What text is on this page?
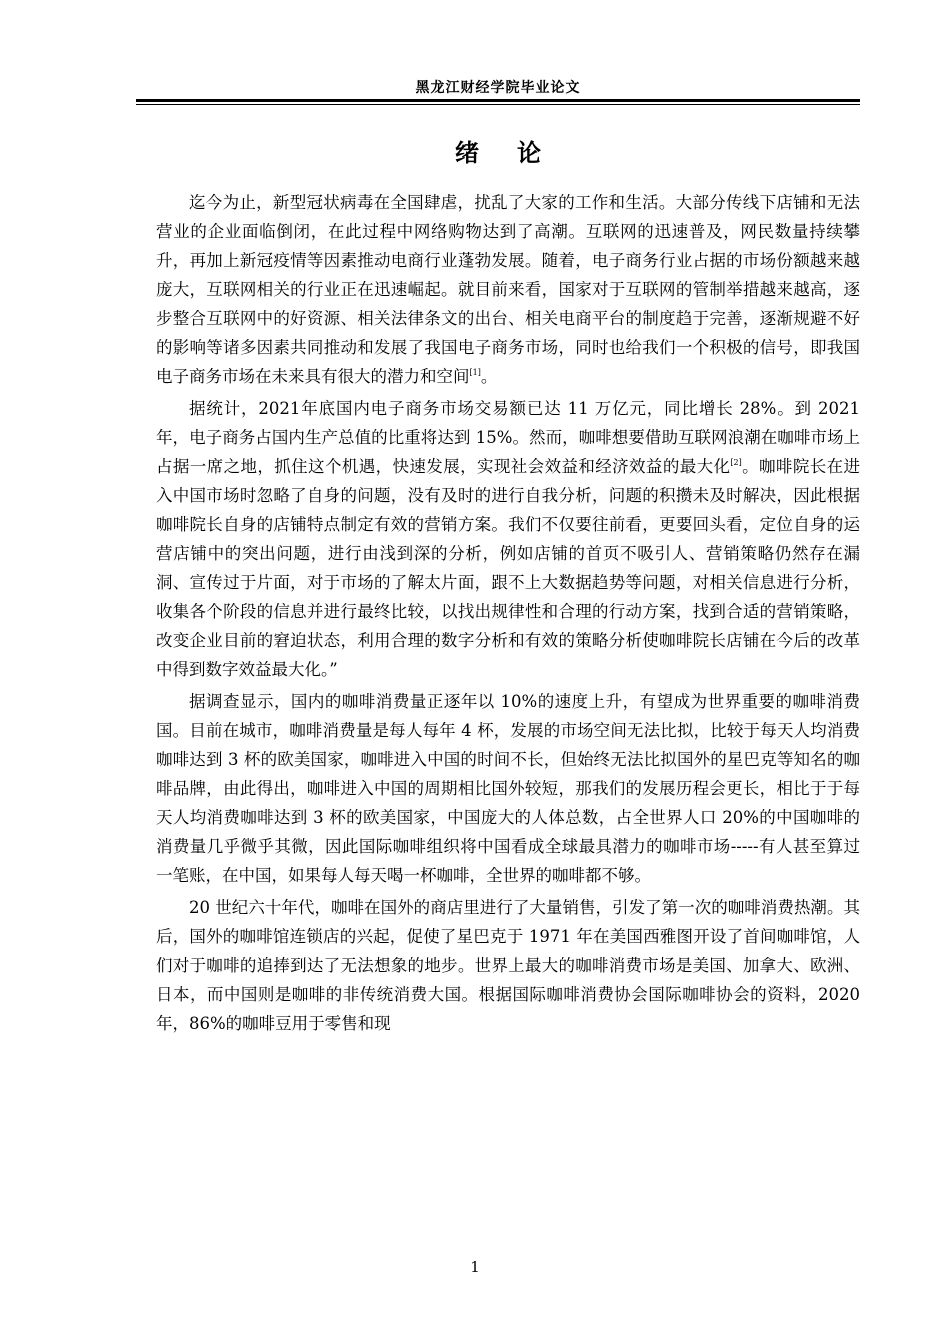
黑龙江财经学院毕业论文
绪论

迄今为止，新型冠状病毒在全国肆虐，扰乱了大家的工作和生活。大部分传线下店铺和无法营业的企业面临倒闭，在此过程中网络购物达到了高潮。互联网的迅速普及，网民数量持续攀升，再加上新冠疫情等因素推动电商行业蓬勃发展。随着，电子商务行业占据的市场份额越来越庞大，互联网相关的行业正在迅速崛起。就目前来看，国家对于互联网的管制举措越来越高，逐步整合互联网中的好资源、相关法律条文的出台、相关电商平台的制度趋于完善，逐渐规避不好的影响等诸多因素共同推动和发展了我国电子商务市场，同时也给我们一个积极的信号，即我国电子商务市场在未来具有很大的潜力和空间[1]。

据统计，2021年底国内电子商务市场交易额已达 11 万亿元，同比增长 28%。到 2021 年，电子商务占国内生产总值的比重将达到 15%。然而，咖啡想要借助互联网浪潮在咖啡市场上占据一席之地，抓住这个机遇，快速发展，实现社会效益和经济效益的最大化[2]。咖啡院长在进入中国市场时忽略了自身的问题，没有及时的进行自我分析，问题的积攒未及时解决，因此根据咖啡院长自身的店铺特点制定有效的营销方案。我们不仅要往前看，更要回头看，定位自身的运营店铺中的突出问题，进行由浅到深的分析，例如店铺的首页不吸引人、营销策略仍然存在漏洞、宣传过于片面，对于市场的了解太片面，跟不上大数据趋势等问题，对相关信息进行分析，收集各个阶段的信息并进行最终比较，以找出规律性和合理的行动方案，找到合适的营销策略，改变企业目前的窘迫状态，利用合理的数字分析和有效的策略分析使咖啡院长店铺在今后的改革中得到数字效益最大化。”

据调查显示，国内的咖啡消费量正逐年以 10%的速度上升，有望成为世界重要的咖啡消费国。目前在城市，咖啡消费量是每人每年 4 杯，发展的市场空间无法比拟，比较于每天人均消费咖啡达到 3 杯的欧美国家，咖啡进入中国的时间不长，但始终无法比拟国外的星巴克等知名的咖啡品牌，由此得出，咖啡进入中国的周期相比国外较短，那我们的发展历程会更长，相比于于每天人均消费咖啡达到 3 杯的欧美国家，中国庞大的人体总数，占全世界人口 20%的中国咖啡的消费量几乎微乎其微，因此国际咖啡组织将中国看成全球最具潜力的咖啡市场-----有人甚至算过一笔账，在中国，如果每人每天喝一杯咖啡，全世界的咖啡都不够。

20 世纪六十年代，咖啡在国外的商店里进行了大量销售，引发了第一次的咖啡消费热潮。其后，国外的咖啡馆连锁店的兴起，促使了星巴克于 1971 年在美国西雅图开设了首间咖啡馆，人们对于咖啡的追捧到达了无法想象的地步。世界上最大的咖啡消费市场是美国、加拿大、欧洲、日本，而中国则是咖啡的非传统消费大国。根据国际咖啡消费协会国际咖啡协会的资料，2020 年，86%的咖啡豆用于零售和现

1
